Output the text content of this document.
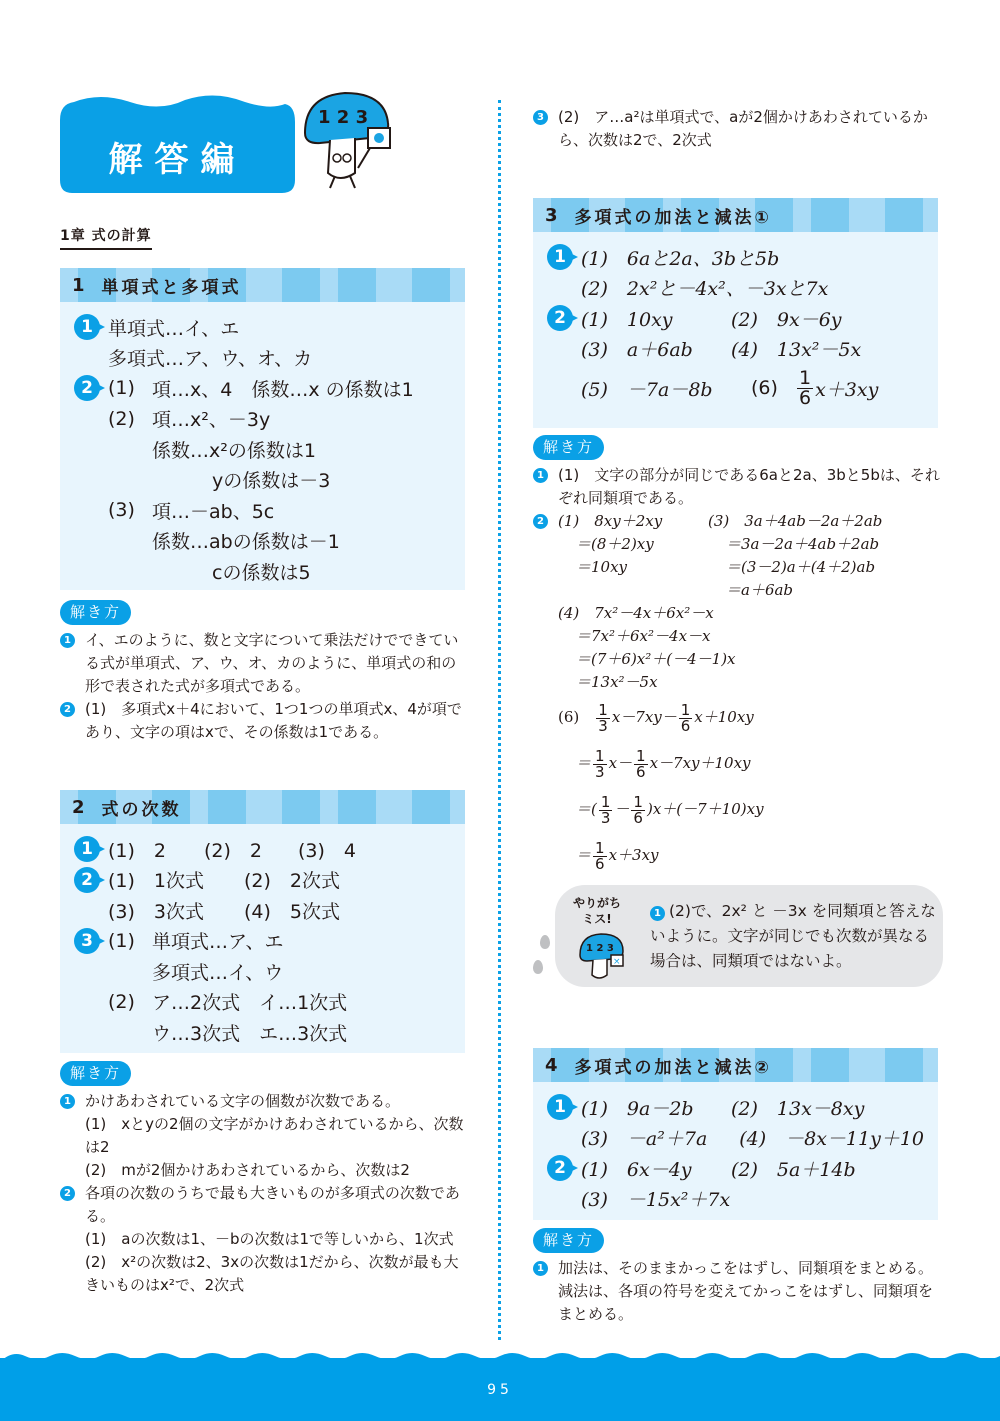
解答編
1 2 3
1章 式の計算
1 単項式と多項式
1 単項式…イ、エ
多項式…ア、ウ、オ、カ
2 (1) 項…x、4　係数…x の係数は1
(2) 項…x²、－3y
係数…x²の係数は1
yの係数は－3
(3) 項…－ab、5c
係数…abの係数は－1
cの係数は5
解き方
1 イ、エのように、数と文字について乗法だけでできている式が単項式、ア、ウ、オ、カのように、単項式の和の形で表された式が多項式である。
2 (1)　多項式x＋4において、1つ1つの単項式x、4が項であり、文字の項はxで、その係数は1である。
2 式の次数
1 (1)　2	(2)　2	(3)　4
2 (1)　1次式	(2)　2次式
(3)　3次式	(4)　5次式
3 (1) 単項式…ア、エ
多項式…イ、ウ
(2) ア…2次式　イ…1次式
ウ…3次式　エ…3次式
解き方
1 かけあわされている文字の個数が次数である。
(1)　xとyの2個の文字がかけあわされているから、次数は2
(2)　mが2個かけあわされているから、次数は2
2 各項の次数のうちで最も大きいものが多項式の次数である。
(1)　aの次数は1、－bの次数は1で等しいから、1次式
(2)　x²の次数は2、3xの次数は1だから、次数が最も大きいものはx²で、2次式
3 (2)　ア…a²は単項式で、aが2個かけあわされているから、次数は2で、2次式
3 多項式の加法と減法①
1 (1)　6aと2a、3bと5b
(2)　2x²と－4x²、－3xと7x
2 (1)　10xy	(2)　9x－6y
(3)　a＋6ab	(4)　13x²－5x
(5)　－7a－8b	(6)	$\frac{1}{6} x+3xy$
解き方
1 (1)　文字の部分が同じである6aと2a、3bと5bは、それぞれ同類項である。
2 (1)　8xy＋2xy
＝(8＋2)xy
＝10xy
(3)　3a＋4ab－2a＋2ab
＝3a－2a＋4ab＋2ab
＝(3－2)a＋(4＋2)ab
＝a＋6ab
(4)　7x²－4x＋6x²－x
＝7x²＋6x²－4x－x
＝(7＋6)x²＋(－4－1)x
＝13x²－5x
(6)　 $\frac{1}{3} x-7xy- \frac{1}{6} x+10xy$
＝ $\frac{1}{3} x- \frac{1}{6} x-7xy+10xy$
＝( $\frac{1}{3} - \frac{1}{6} )x+(-7+10)xy$
＝ $\frac{1}{6} x+3xy$
やりがち
ミス!
1 2 3
×
1 (2)で、2x² と －3x を同類項と答えないように。文字が同じでも次数が異なる場合は、同類項ではないよ。
4 多項式の加法と減法②
1 (1)　9a－2b	(2)　13x－8xy
(3)　－a²＋7a	(4)　－8x－11y＋10
2 (1)　6x－4y	(2)　5a＋14b
(3)　－15x²＋7x
解き方
1 加法は、そのままかっこをはずし、同類項をまとめる。減法は、各項の符号を変えてかっこをはずし、同類項をまとめる。
95
